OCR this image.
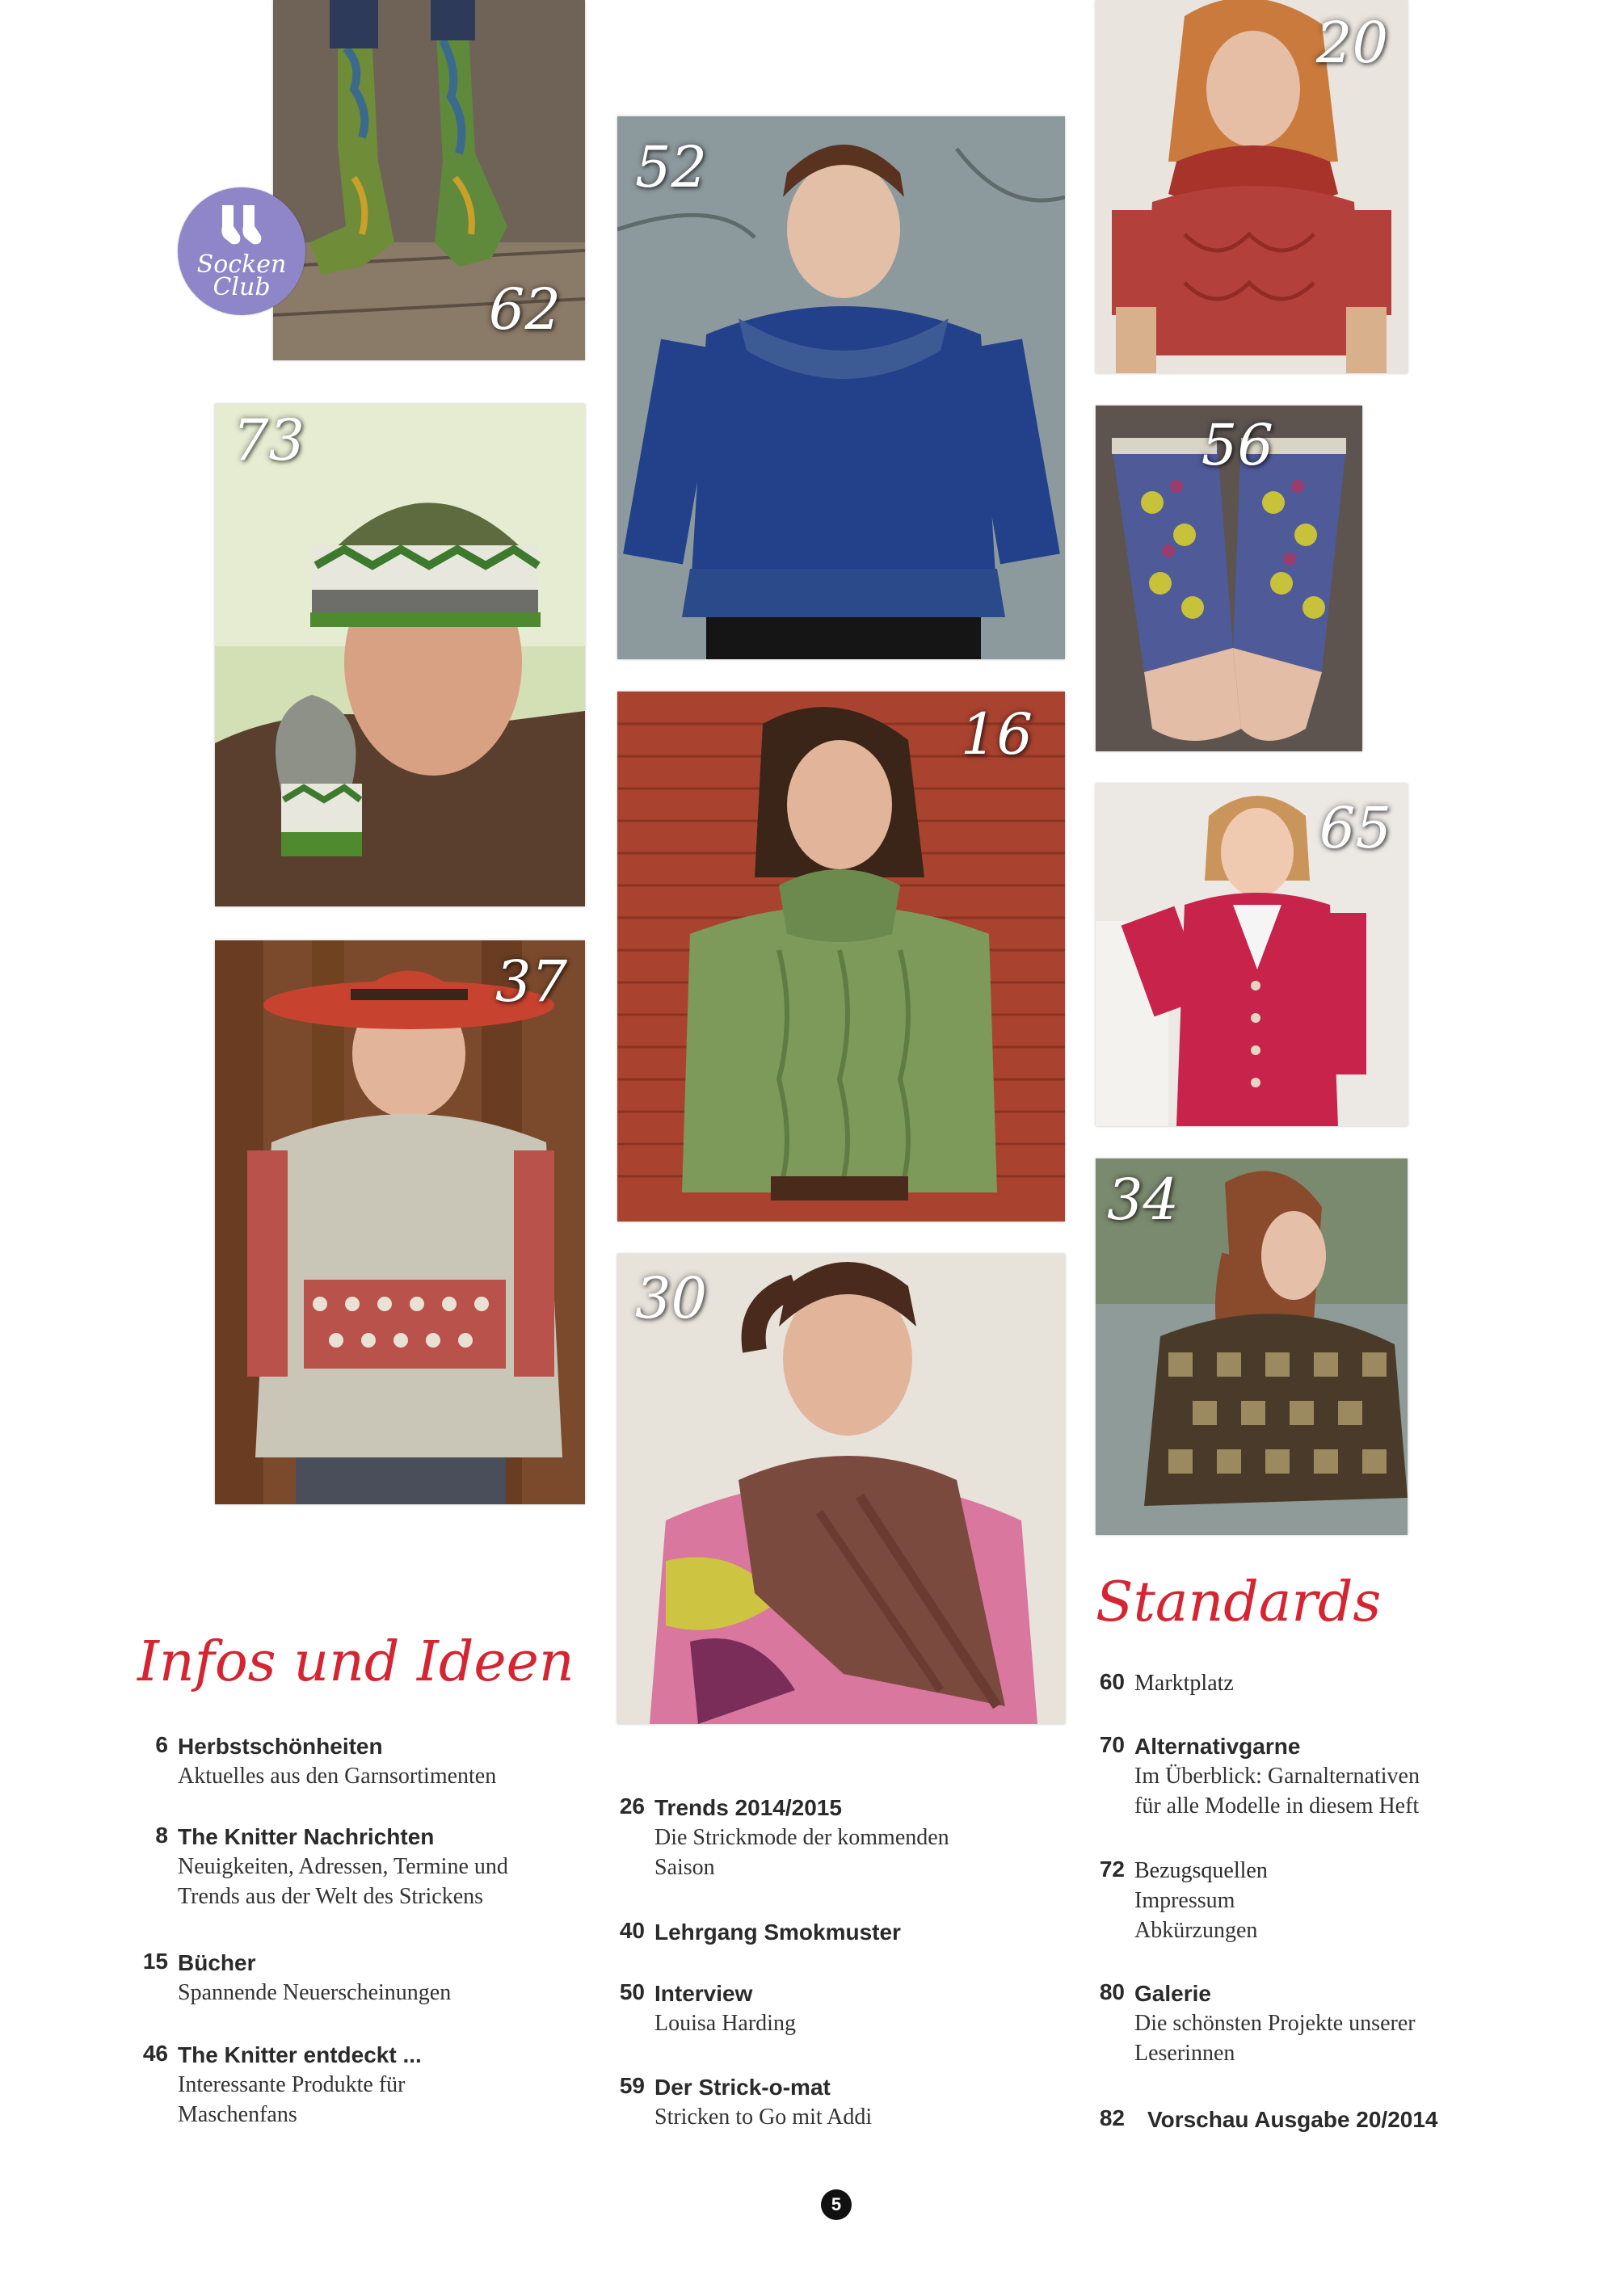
62
Socken
Club
73
37
52
16
30
20
56
65
34
Infos und Ideen
Standards
6 Herbstschönheiten
Aktuelles aus den Garnsortimenten
8 The Knitter Nachrichten
Neuigkeiten, Adressen, Termine und
Trends aus der Welt des Strickens
15 Bücher
Spannende Neuerscheinungen
46 The Knitter entdeckt ...
Interessante Produkte für
Maschenfans
26 Trends 2014/2015
Die Strickmode der kommenden
Saison
40 Lehrgang Smokmuster
50 Interview
Louisa Harding
59 Der Strick-o-mat
Stricken to Go mit Addi
60 Marktplatz
70 Alternativgarne
Im Überblick: Garnalternativen
für alle Modelle in diesem Heft
72 Bezugsquellen
Impressum
Abkürzungen
80 Galerie
Die schönsten Projekte unserer
Leserinnen
82 Vorschau Ausgabe 20/2014
5
